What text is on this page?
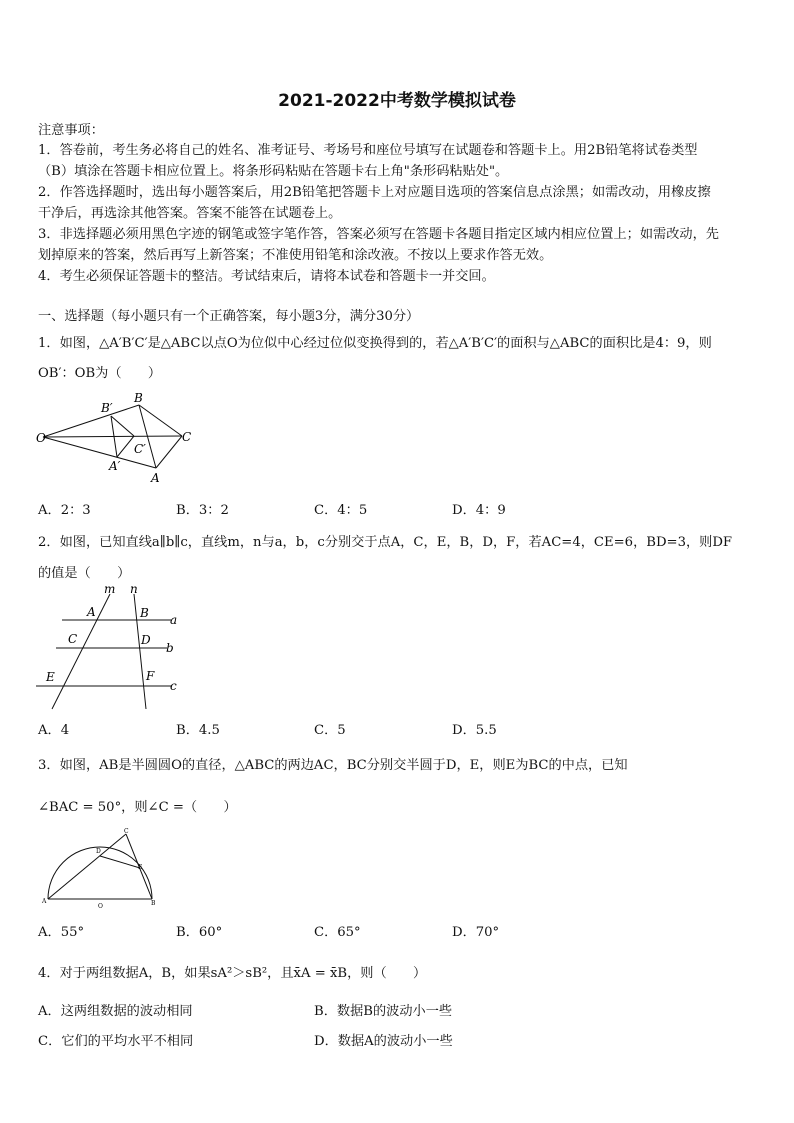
2021-2022中考数学模拟试卷
注意事项：
1．答卷前，考生务必将自己的姓名、准考证号、考场号和座位号填写在试题卷和答题卡上。用2B铅笔将试卷类型
（B）填涂在答题卡相应位置上。将条形码粘贴在答题卡右上角"条形码粘贴处"。
2．作答选择题时，选出每小题答案后，用2B铅笔把答题卡上对应题目选项的答案信息点涂黑；如需改动，用橡皮擦
干净后，再选涂其他答案。答案不能答在试题卷上。
3．非选择题必须用黑色字迹的钢笔或签字笔作答，答案必须写在答题卡各题目指定区域内相应位置上；如需改动，先
划掉原来的答案，然后再写上新答案；不准使用铅笔和涂改液。不按以上要求作答无效。
4．考生必须保证答题卡的整洁。考试结束后，请将本试卷和答题卡一并交回。
一、选择题（每小题只有一个正确答案，每小题3分，满分30分）
1．如图，△A′B′C′是△ABC以点O为位似中心经过位似变换得到的，若△A′B′C′的面积与△ABC的面积比是4：9，则
OB′：OB为（　　）
O
B′
B
C′
C
A′
A
A．2：3	B．3：2	C．4：5	D．4：9
2．如图，已知直线a∥b∥c，直线m，n与a，b，c分别交于点A，C，E，B，D，F，若AC=4，CE=6，BD=3，则DF
的值是（　　）
m n
A	B a
C	D
b
E	F
c
A．4	B．4.5	C．5	D．5.5
3．如图，AB是半圆圆O的直径，△ABC的两边AC，BC分别交半圆于D，E，则E为BC的中点，已知
∠BAC = 50°，则∠C =（　　）
C
D
E
A
O	B
A．55°	B．60°	C．65°	D．70°
4．对于两组数据A，B，如果sA²＞sB²，且x̄A = x̄B，则（　　）
A．这两组数据的波动相同	B．数据B的波动小一些
C．它们的平均水平不相同	D．数据A的波动小一些
